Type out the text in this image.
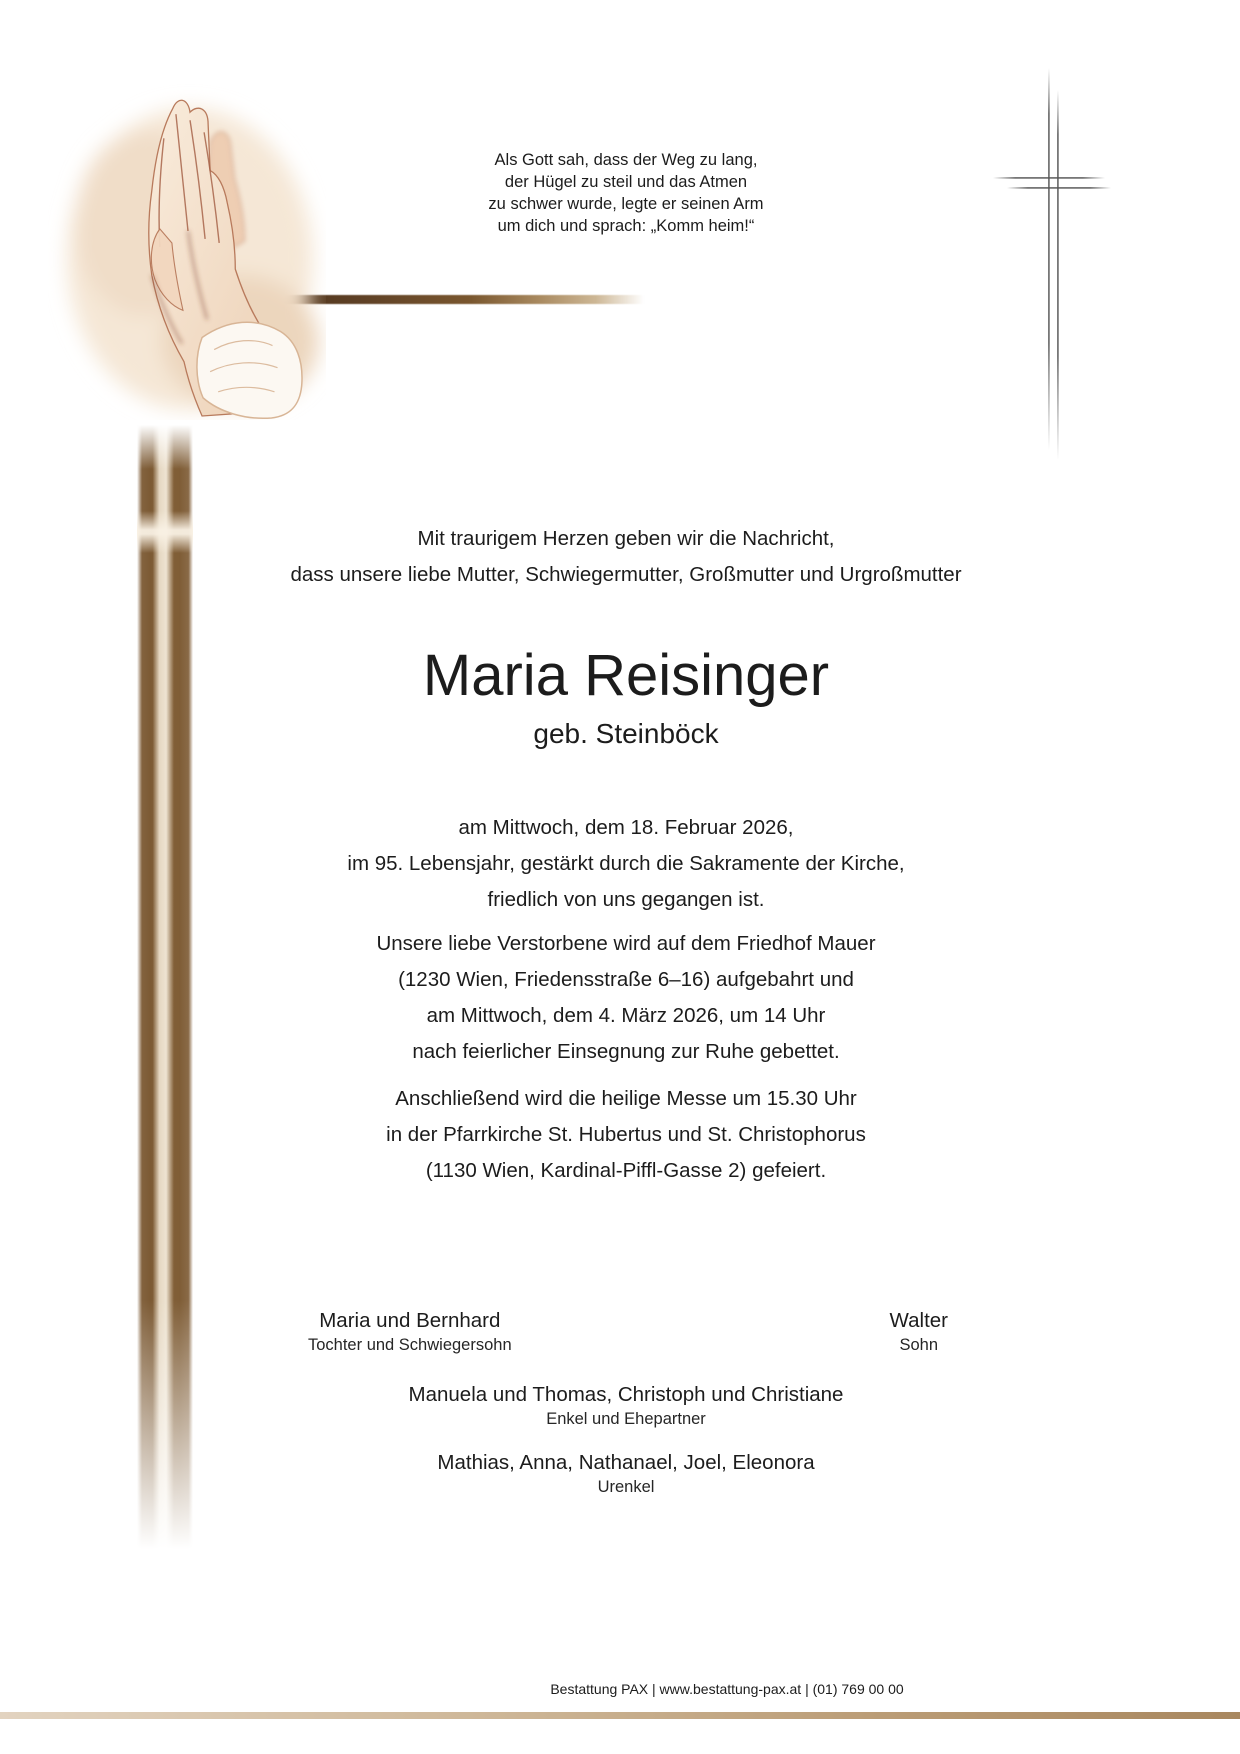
Als Gott sah, dass der Weg zu lang,
der Hügel zu steil und das Atmen
zu schwer wurde, legte er seinen Arm
um dich und sprach: „Komm heim!“
Mit traurigem Herzen geben wir die Nachricht,
dass unsere liebe Mutter, Schwiegermutter, Großmutter und Urgroßmutter
Maria Reisinger
geb. Steinböck
am Mittwoch, dem 18. Februar 2026,
im 95. Lebensjahr, gestärkt durch die Sakramente der Kirche,
friedlich von uns gegangen ist.
Unsere liebe Verstorbene wird auf dem Friedhof Mauer
(1230 Wien, Friedensstraße 6–16) aufgebahrt und
am Mittwoch, dem 4. März 2026, um 14 Uhr
nach feierlicher Einsegnung zur Ruhe gebettet.
Anschließend wird die heilige Messe um 15.30 Uhr
in der Pfarrkirche St. Hubertus und St. Christophorus
(1130 Wien, Kardinal-Piffl-Gasse 2) gefeiert.
Maria und Bernhard
Tochter und Schwiegersohn
Walter
Sohn
Manuela und Thomas, Christoph und Christiane
Enkel und Ehepartner
Mathias, Anna, Nathanael, Joel, Eleonora
Urenkel
Bestattung PAX | www.bestattung-pax.at | (01) 769 00 00
